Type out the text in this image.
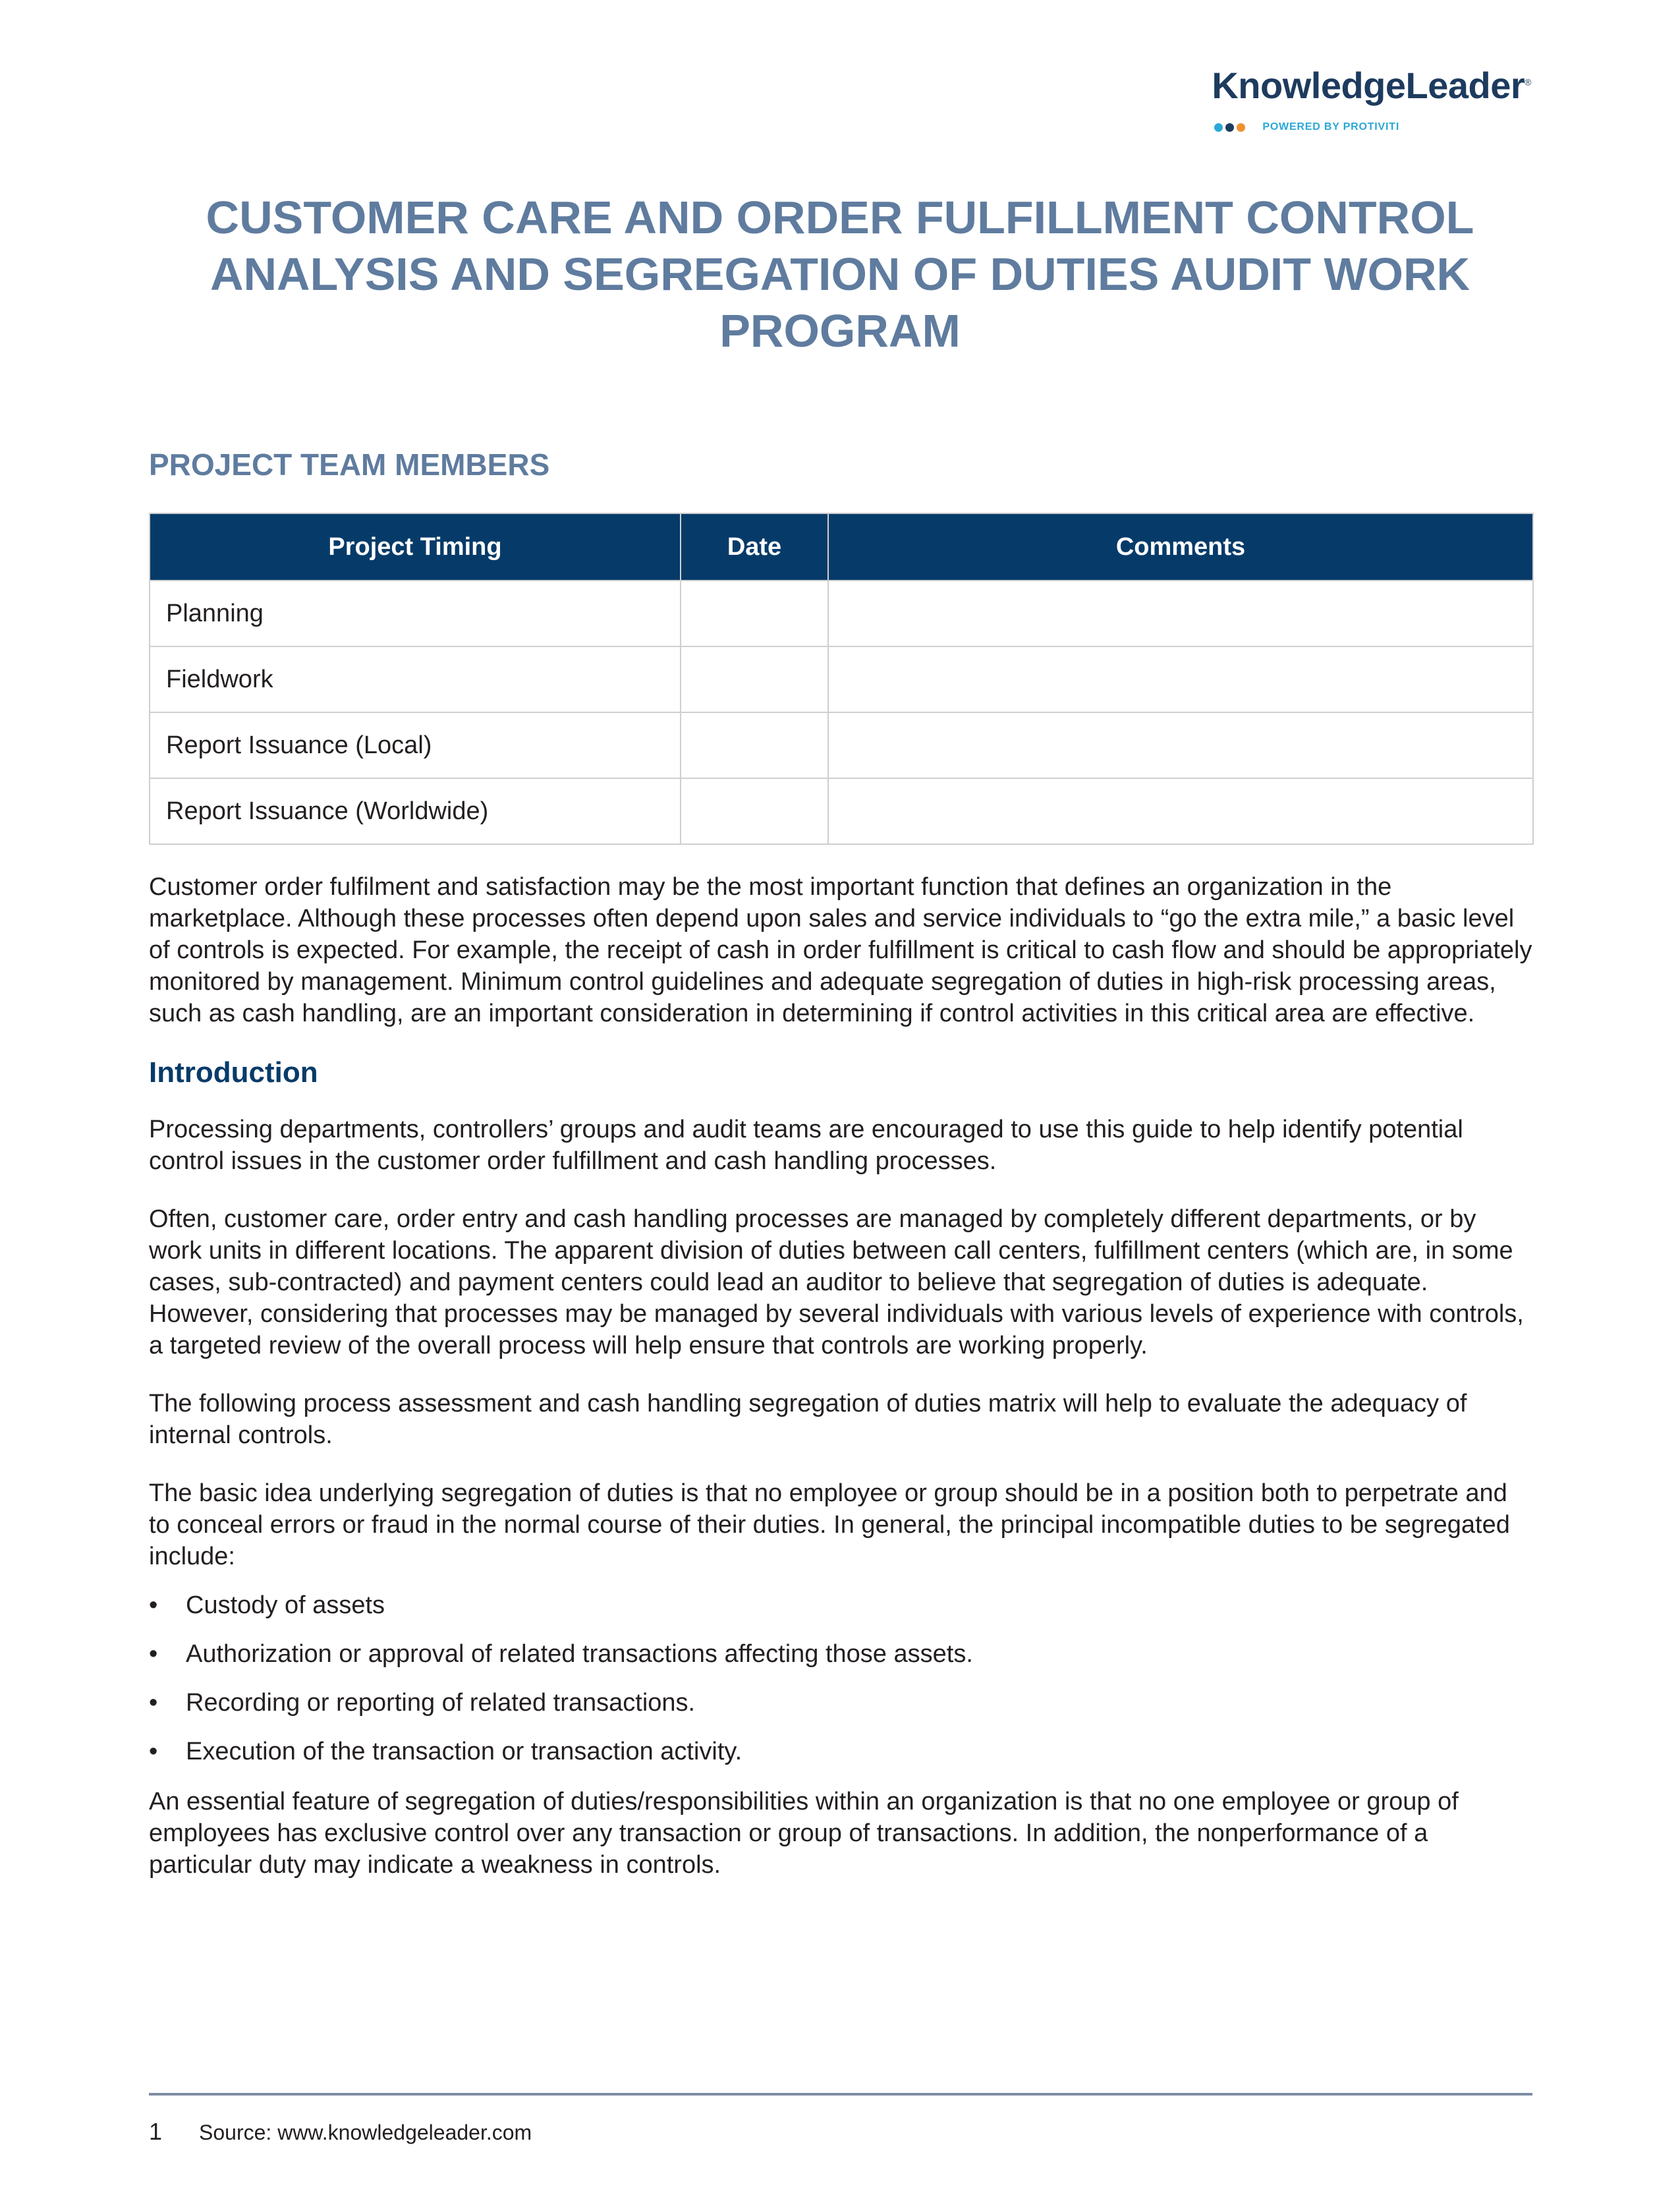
KnowledgeLeader®
POWERED BY PROTIVITI
CUSTOMER CARE AND ORDER FULFILLMENT CONTROL ANALYSIS AND SEGREGATION OF DUTIES AUDIT WORK PROGRAM
PROJECT TEAM MEMBERS
Project Timing	Date	Comments
Planning		
Fieldwork		
Report Issuance (Local)		
Report Issuance (Worldwide)		

Customer order fulfilment and satisfaction may be the most important function that defines an organization in the marketplace. Although these processes often depend upon sales and service individuals to “go the extra mile,” a basic level of controls is expected. For example, the receipt of cash in order fulfillment is critical to cash flow and should be appropriately monitored by management. Minimum control guidelines and adequate segregation of duties in high-risk processing areas, such as cash handling, are an important consideration in determining if control activities in this critical area are effective.

Introduction

Processing departments, controllers’ groups and audit teams are encouraged to use this guide to help identify potential control issues in the customer order fulfillment and cash handling processes.

Often, customer care, order entry and cash handling processes are managed by completely different departments, or by work units in different locations. The apparent division of duties between call centers, fulfillment centers (which are, in some cases, sub-contracted) and payment centers could lead an auditor to believe that segregation of duties is adequate. However, considering that processes may be managed by several individuals with various levels of experience with controls, a targeted review of the overall process will help ensure that controls are working properly.

The following process assessment and cash handling segregation of duties matrix will help to evaluate the adequacy of internal controls.

The basic idea underlying segregation of duties is that no employee or group should be in a position both to perpetrate and to conceal errors or fraud in the normal course of their duties. In general, the principal incompatible duties to be segregated include:

• Custody of assets
• Authorization or approval of related transactions affecting those assets.
• Recording or reporting of related transactions.
• Execution of the transaction or transaction activity.

An essential feature of segregation of duties/responsibilities within an organization is that no one employee or group of employees has exclusive control over any transaction or group of transactions. In addition, the nonperformance of a particular duty may indicate a weakness in controls.

1 Source: www.knowledgeleader.com
